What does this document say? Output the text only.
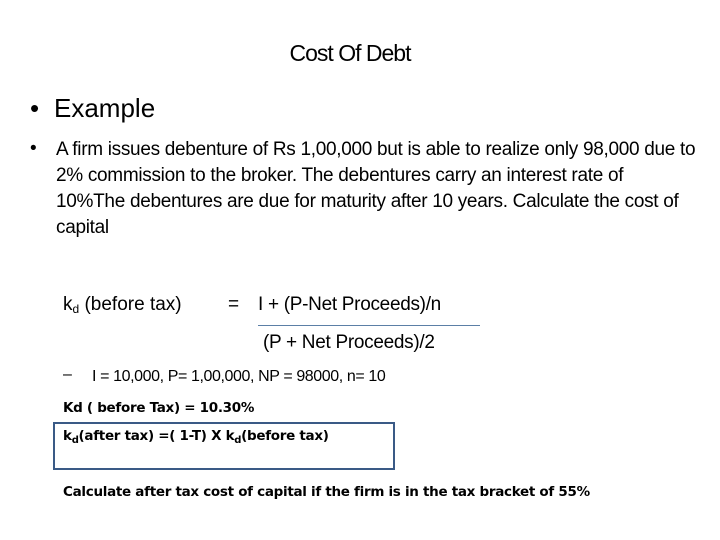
Cost Of Debt
• Example
• A firm issues debenture of Rs 1,00,000 but is able to realize only 98,000 due to 2% commission to the broker. The debentures carry an interest rate of 10%The debentures are due for maturity after 10 years. Calculate the cost of capital
$k_d$ (before tax) = I + (P-Net Proceeds)/n
(P + Net Proceeds)/2
– I = 10,000, P= 1,00,000, NP = 98000, n= 10
Kd ( before Tax) = 10.30%
$k_d(after$ tax) =( 1-T) X $k_d(before$ tax)
Calculate after tax cost of capital if the firm is in the tax bracket of 55%
